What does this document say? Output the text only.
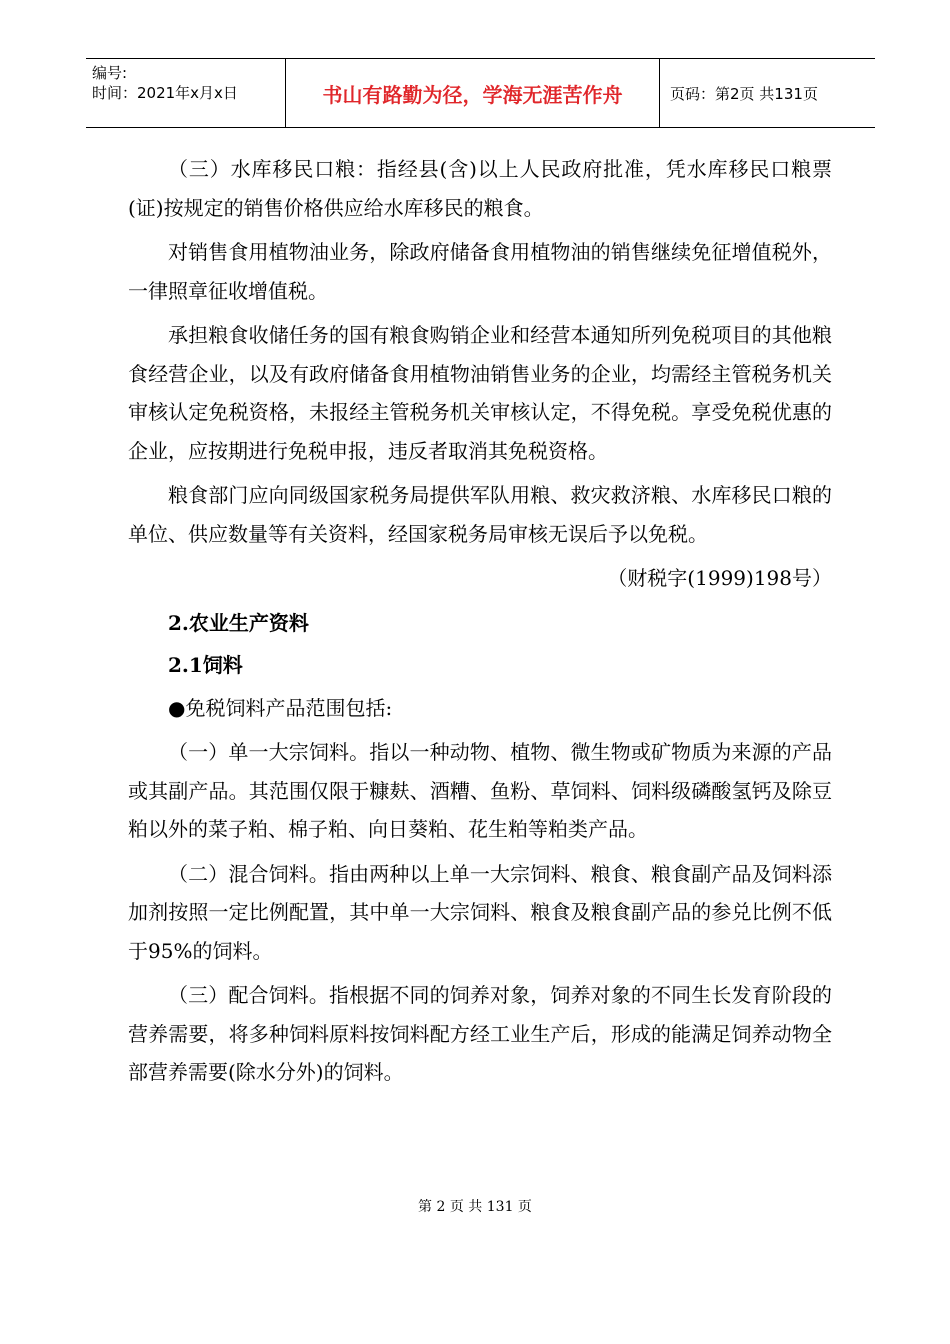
编号:
时间：2021年x月x日	书山有路勤为径，学海无涯苦作舟	页码：第2页 共131页

（三）水库移民口粮：指经县(含)以上人民政府批准，凭水库移民口粮票(证)按规定的销售价格供应给水库移民的粮食。

对销售食用植物油业务，除政府储备食用植物油的销售继续免征增值税外，一律照章征收增值税。

承担粮食收储任务的国有粮食购销企业和经营本通知所列免税项目的其他粮食经营企业，以及有政府储备食用植物油销售业务的企业，均需经主管税务机关审核认定免税资格，未报经主管税务机关审核认定，不得免税。享受免税优惠的企业，应按期进行免税申报，违反者取消其免税资格。

粮食部门应向同级国家税务局提供军队用粮、救灾救济粮、水库移民口粮的单位、供应数量等有关资料，经国家税务局审核无误后予以免税。

（财税字(1999)198号）

2.农业生产资料

2.1饲料

●免税饲料产品范围包括:

（一）单一大宗饲料。指以一种动物、植物、微生物或矿物质为来源的产品或其副产品。其范围仅限于糠麸、酒糟、鱼粉、草饲料、饲料级磷酸氢钙及除豆粕以外的菜子粕、棉子粕、向日葵粕、花生粕等粕类产品。

（二）混合饲料。指由两种以上单一大宗饲料、粮食、粮食副产品及饲料添加剂按照一定比例配置，其中单一大宗饲料、粮食及粮食副产品的参兑比例不低于95%的饲料。

（三）配合饲料。指根据不同的饲养对象，饲养对象的不同生长发育阶段的营养需要，将多种饲料原料按饲料配方经工业生产后，形成的能满足饲养动物全部营养需要(除水分外)的饲料。

第 2 页 共 131 页
